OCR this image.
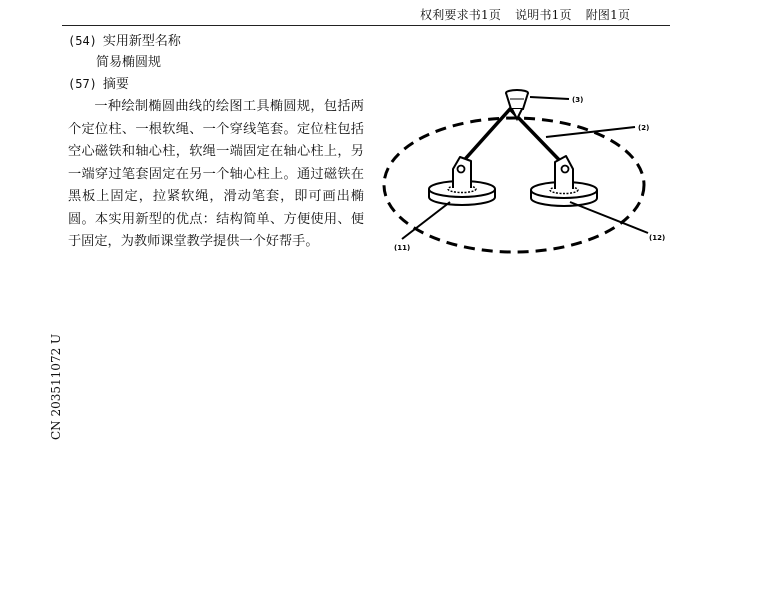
权利要求书1页 说明书1页 附图1页
(54) 实用新型名称
简易椭圆规
(57) 摘要
一种绘制椭圆曲线的绘图工具椭圆规，包括两个定位柱、一根软绳、一个穿线笔套。定位柱包括空心磁铁和轴心柱，软绳一端固定在轴心柱上，另一端穿过笔套固定在另一个轴心柱上。通过磁铁在黑板上固定，拉紧软绳，滑动笔套，即可画出椭圆。本实用新型的优点：结构简单、方便使用、便于固定，为教师课堂教学提供一个好帮手。
CN 203511072 U
(3)
(2)
(11)
(12)
